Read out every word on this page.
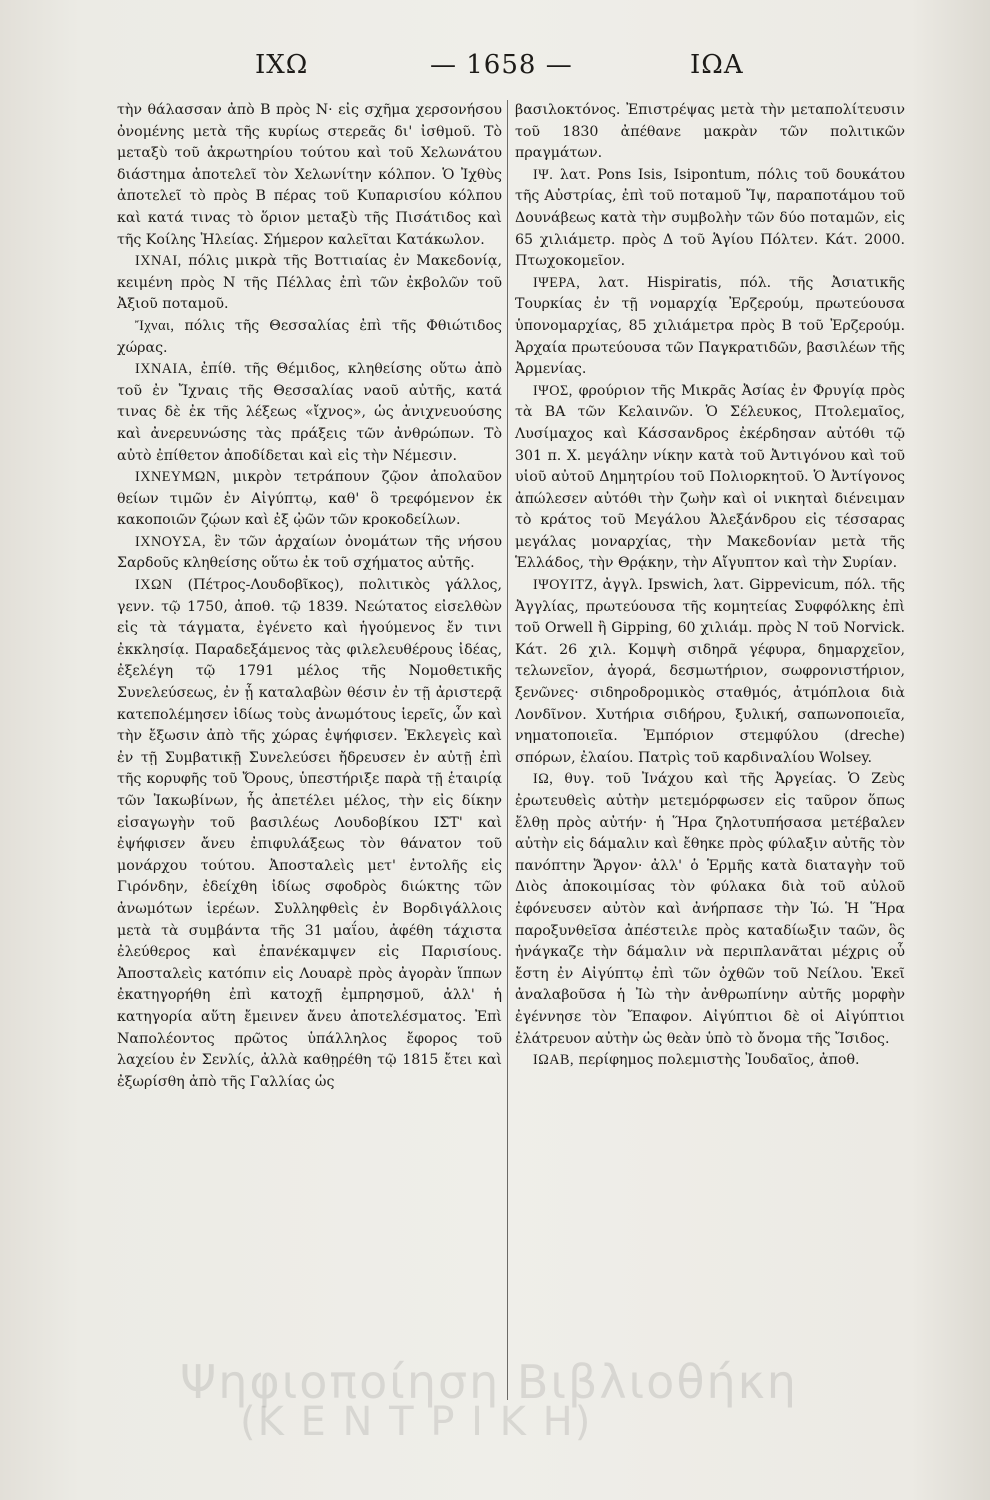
ΙΧΩ	— 1658 —	ΙΩΑ

τὴν θάλασσαν ἀπὸ Β πρὸς Ν· εἰς σχῆμα χερσονήσου ὀνομένης μετὰ τῆς κυρίως στερεᾶς δι' ἰσθμοῦ. Τὸ μεταξὺ τοῦ ἀκρωτηρίου τούτου καὶ τοῦ Χελωνάτου διάστημα ἀποτελεῖ τὸν Χελωνίτην κόλπον. Ὁ Ἰχθὺς ἀποτελεῖ τὸ πρὸς Β πέρας τοῦ Κυπαρισίου κόλπου καὶ κατά τινας τὸ ὅριον μεταξὺ τῆς Πισάτιδος καὶ τῆς Κοίλης Ἠλείας. Σήμερον καλεῖται Κατάκωλον.

ΙΧΝΑΙ, πόλις μικρὰ τῆς Βοττιαίας ἐν Μακεδονίᾳ, κειμένη πρὸς Ν τῆς Πέλλας ἐπὶ τῶν ἐκβολῶν τοῦ Ἀξιοῦ ποταμοῦ.

Ἴχναι, πόλις τῆς Θεσσαλίας ἐπὶ τῆς Φθιώτιδος χώρας.

ΙΧΝΑΙΑ, ἐπίθ. τῆς Θέμιδος, κληθείσης οὕτω ἀπὸ τοῦ ἐν Ἴχναις τῆς Θεσσαλίας ναοῦ αὐτῆς, κατά τινας δὲ ἐκ τῆς λέξεως «ἴχνος», ὡς ἀνιχνευούσης καὶ ἀνερευνώσης τὰς πράξεις τῶν ἀνθρώπων. Τὸ αὐτὸ ἐπίθετον ἀποδίδεται καὶ εἰς τὴν Νέμεσιν.

ΙΧΝΕΥΜΩΝ, μικρὸν τετράπουν ζῷον ἀπολαῦον θείων τιμῶν ἐν Αἰγύπτῳ, καθ' ὃ τρεφόμενον ἐκ κακοποιῶν ζῴων καὶ ἐξ ᾠῶν τῶν κροκοδείλων.

ΙΧΝΟΥΣΑ, ἓν τῶν ἀρχαίων ὀνομάτων τῆς νήσου Σαρδοῦς κληθείσης οὕτω ἐκ τοῦ σχήματος αὐτῆς.

ΙΧΩΝ (Πέτρος-Λουδοβῖκος), πολιτικὸς γάλλος, γενν. τῷ 1750, ἀποθ. τῷ 1839. Νεώτατος εἰσελθὼν εἰς τὰ τάγματα, ἐγένετο καὶ ἡγούμενος ἔν τινι ἐκκλησίᾳ. Παραδεξάμενος τὰς φιλελευθέρους ἰδέας, ἐξελέγη τῷ 1791 μέλος τῆς Νομοθετικῆς Συνελεύσεως, ἐν ᾗ καταλαβὼν θέσιν ἐν τῇ ἀριστερᾷ κατεπολέμησεν ἰδίως τοὺς ἀνωμότους ἱερεῖς, ὧν καὶ τὴν ἔξωσιν ἀπὸ τῆς χώρας ἐψήφισεν. Ἐκλεγεὶς καὶ ἐν τῇ Συμβατικῇ Συνελεύσει ἤδρευσεν ἐν αὐτῇ ἐπὶ τῆς κορυφῆς τοῦ Ὄρους, ὑπεστήριξε παρὰ τῇ ἑταιρίᾳ τῶν Ἰακωβίνων, ἧς ἀπετέλει μέλος, τὴν εἰς δίκην εἰσαγωγὴν τοῦ βασιλέως Λουδοβίκου ΙΣΤ' καὶ ἐψήφισεν ἄνευ ἐπιφυλάξεως τὸν θάνατον τοῦ μονάρχου τούτου. Ἀποσταλεὶς μετ' ἐντολῆς εἰς Γιρόνδην, ἐδείχθη ἰδίως σφοδρὸς διώκτης τῶν ἀνωμότων ἱερέων. Συλληφθεὶς ἐν Βορδιγάλλοις μετὰ τὰ συμβάντα τῆς 31 μαΐου, ἀφέθη τάχιστα ἐλεύθερος καὶ ἐπανέκαμψεν εἰς Παρισίους. Ἀποσταλεὶς κατόπιν εἰς Λουαρὲ πρὸς ἀγορὰν ἵππων ἐκατηγορήθη ἐπὶ κατοχῇ ἐμπρησμοῦ, ἀλλ' ἡ κατηγορία αὕτη ἔμεινεν ἄνευ ἀποτελέσματος. Ἐπὶ Ναπολέοντος πρῶτος ὑπάλληλος ἔφορος τοῦ λαχείου ἐν Σενλίς, ἀλλὰ καθῃρέθη τῷ 1815 ἔτει καὶ ἐξωρίσθη ἀπὸ τῆς Γαλλίας ὡς

βασιλοκτόνος. Ἐπιστρέψας μετὰ τὴν μεταπολίτευσιν τοῦ 1830 ἀπέθανε μακρὰν τῶν πολιτικῶν πραγμάτων.

ΙΨ. λατ. Pons Isis, Isipontum, πόλις τοῦ δουκάτου τῆς Αὐστρίας, ἐπὶ τοῦ ποταμοῦ Ἴψ, παραποτάμου τοῦ Δουνάβεως κατὰ τὴν συμβολὴν τῶν δύο ποταμῶν, εἰς 65 χιλιάμετρ. πρὸς Δ τοῦ Ἁγίου Πόλτεν. Κάτ. 2000. Πτωχοκομεῖον.

ΙΨΕΡΑ, λατ. Hispiratis, πόλ. τῆς Ἀσιατικῆς Τουρκίας ἐν τῇ νομαρχίᾳ Ἐρζερούμ, πρωτεύουσα ὑπονομαρχίας, 85 χιλιάμετρα πρὸς Β τοῦ Ἐρζερούμ. Ἀρχαία πρωτεύουσα τῶν Παγκρατιδῶν, βασιλέων τῆς Ἀρμενίας.

ΙΨΟΣ, φρούριον τῆς Μικρᾶς Ἀσίας ἐν Φρυγίᾳ πρὸς τὰ ΒΑ τῶν Κελαινῶν. Ὁ Σέλευκος, Πτολεμαῖος, Λυσίμαχος καὶ Κάσσανδρος ἐκέρδησαν αὐτόθι τῷ 301 π. Χ. μεγάλην νίκην κατὰ τοῦ Ἀντιγόνου καὶ τοῦ υἱοῦ αὐτοῦ Δημητρίου τοῦ Πολιορκητοῦ. Ὁ Ἀντίγονος ἀπώλεσεν αὐτόθι τὴν ζωὴν καὶ οἱ νικηταὶ διένειμαν τὸ κράτος τοῦ Μεγάλου Ἀλεξάνδρου εἰς τέσσαρας μεγάλας μοναρχίας, τὴν Μακεδονίαν μετὰ τῆς Ἑλλάδος, τὴν Θρᾴκην, τὴν Αἴγυπτον καὶ τὴν Συρίαν.

ΙΨΟΥΙΤΖ, ἀγγλ. Ipswich, λατ. Gippevicum, πόλ. τῆς Ἀγγλίας, πρωτεύουσα τῆς κομητείας Συφφόλκης ἐπὶ τοῦ Orwell ἢ Gipping, 60 χιλιάμ. πρὸς Ν τοῦ Norvick. Κάτ. 26 χιλ. Κομψὴ σιδηρᾶ γέφυρα, δημαρχεῖον, τελωνεῖον, ἀγορά, δεσμωτήριον, σωφρονιστήριον, ξενῶνες· σιδηροδρομικὸς σταθμός, ἀτμόπλοια διὰ Λονδῖνον. Χυτήρια σιδήρου, ξυλική, σαπωνοποιεῖα, νηματοποιεῖα. Ἐμπόριον στεμφύλου (dreche) σπόρων, ἐλαίου. Πατρὶς τοῦ καρδιναλίου Wolsey.

ΙΩ, θυγ. τοῦ Ἰνάχου καὶ τῆς Ἀργείας. Ὁ Ζεὺς ἐρωτευθεὶς αὐτὴν μετεμόρφωσεν εἰς ταῦρον ὅπως ἔλθῃ πρὸς αὐτήν· ἡ Ἥρα ζηλοτυπήσασα μετέβαλεν αὐτὴν εἰς δάμαλιν καὶ ἔθηκε πρὸς φύλαξιν αὐτῆς τὸν πανόπτην Ἄργον· ἀλλ' ὁ Ἑρμῆς κατὰ διαταγὴν τοῦ Διὸς ἀποκοιμίσας τὸν φύλακα διὰ τοῦ αὐλοῦ ἐφόνευσεν αὐτὸν καὶ ἀνήρπασε τὴν Ἰώ. Ἡ Ἥρα παροξυνθεῖσα ἀπέστειλε πρὸς καταδίωξιν ταῶν, ὃς ἠνάγκαζε τὴν δάμαλιν νὰ περιπλανᾶται μέχρις οὗ ἔστη ἐν Αἰγύπτῳ ἐπὶ τῶν ὀχθῶν τοῦ Νείλου. Ἐκεῖ ἀναλαβοῦσα ἡ Ἰὼ τὴν ἀνθρωπίνην αὐτῆς μορφὴν ἐγέννησε τὸν Ἔπαφον. Αἰγύπτιοι δὲ οἱ Αἰγύπτιοι ἐλάτρευον αὐτὴν ὡς θεὰν ὑπὸ τὸ ὄνομα τῆς Ἴσιδος.

ΙΩΑΒ, περίφημος πολεμιστὴς Ἰουδαῖος, ἀποθ.

Ψηφιοποίηση Βιβλιοθήκη
(Κ Ε Ν Τ Ρ Ι Κ Η)
